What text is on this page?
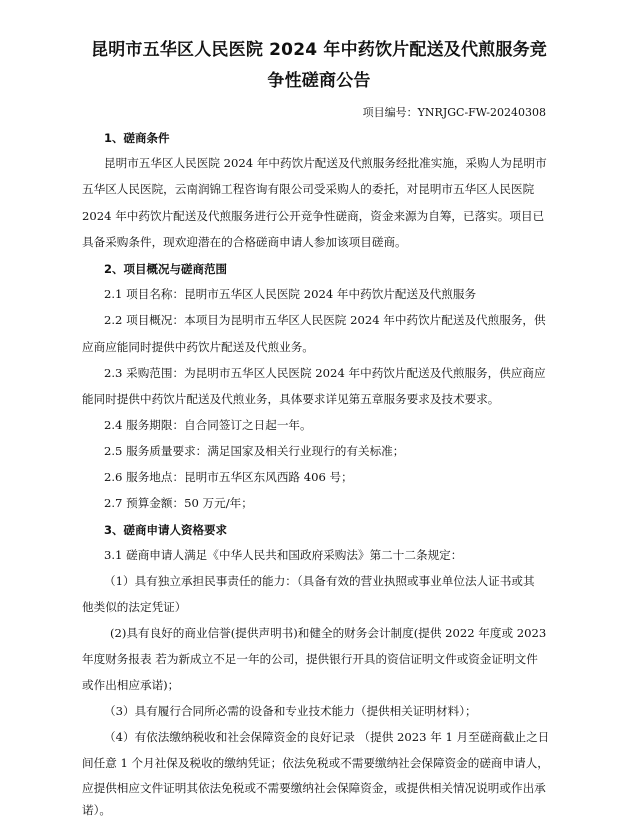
昆明市五华区人民医院 2024 年中药饮片配送及代煎服务竞
争性磋商公告
项目编号：YNRJGC-FW-20240308
1、磋商条件
昆明市五华区人民医院 2024 年中药饮片配送及代煎服务经批准实施，采购人为昆明市
五华区人民医院，云南润锦工程咨询有限公司受采购人的委托，对昆明市五华区人民医院
2024 年中药饮片配送及代煎服务进行公开竞争性磋商，资金来源为自筹，已落实。项目已
具备采购条件，现欢迎潜在的合格磋商申请人参加该项目磋商。
2、项目概况与磋商范围
2.1 项目名称：昆明市五华区人民医院 2024 年中药饮片配送及代煎服务
2.2 项目概况：本项目为昆明市五华区人民医院 2024 年中药饮片配送及代煎服务，供
应商应能同时提供中药饮片配送及代煎业务。
2.3 采购范围：为昆明市五华区人民医院 2024 年中药饮片配送及代煎服务，供应商应
能同时提供中药饮片配送及代煎业务，具体要求详见第五章服务要求及技术要求。
2.4 服务期限：自合同签订之日起一年。
2.5 服务质量要求：满足国家及相关行业现行的有关标准；
2.6 服务地点：昆明市五华区东风西路 406 号；
2.7 预算金额：50 万元/年；
3、磋商申请人资格要求
3.1 磋商申请人满足《中华人民共和国政府采购法》第二十二条规定：
（1）具有独立承担民事责任的能力：（具备有效的营业执照或事业单位法人证书或其
他类似的法定凭证）
(2)具有良好的商业信誉(提供声明书)和健全的财务会计制度(提供 2022 年度或 2023
年度财务报表 若为新成立不足一年的公司，提供银行开具的资信证明文件或资金证明文件
或作出相应承诺)；
（3）具有履行合同所必需的设备和专业技术能力（提供相关证明材料）；
（4）有依法缴纳税收和社会保障资金的良好记录 （提供 2023 年 1 月至磋商截止之日
间任意 1 个月社保及税收的缴纳凭证；依法免税或不需要缴纳社会保障资金的磋商申请人，
应提供相应文件证明其依法免税或不需要缴纳社会保障资金，或提供相关情况说明或作出承
诺）。
